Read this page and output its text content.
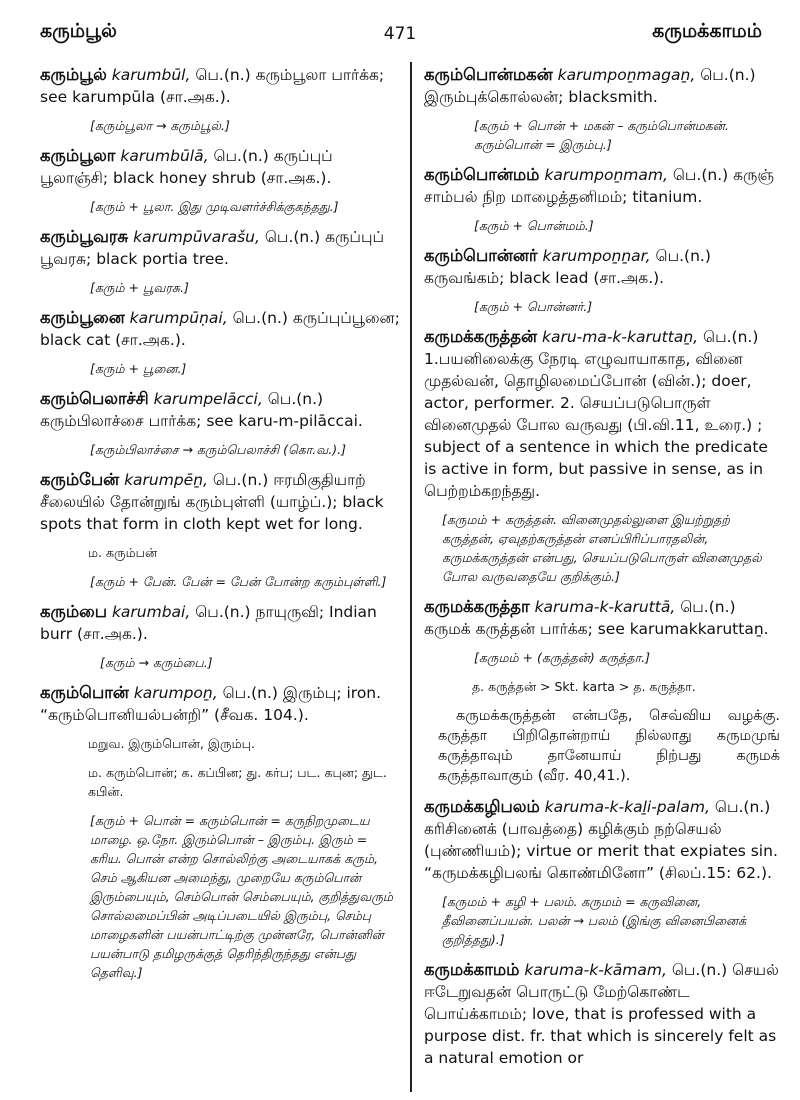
கரும்பூல்	471	கருமக்காமம்
கரும்பூல் karumbūl, பெ.(n.) கரும்பூலா பார்க்க; see karumpūla (சா.அக.).
[கரும்பூலா → கரும்பூல்.]
கரும்பூலா karumbūlā, பெ.(n.) கருப்புப் பூலாஞ்சி; black honey shrub (சா.அக.).
[கரும் + பூலா. இது முடிவளர்ச்சிக்குகந்தது.]
கரும்பூவரசு karumpūvarašu, பெ.(n.) கருப்புப் பூவரசு; black portia tree.
[கரும் + பூவரசு.]
கரும்பூனை karumpūṇai, பெ.(n.) கருப்புப்பூனை; black cat (சா.அக.).
[கரும் + பூனை.]
கரும்பெலாச்சி karumpelācci, பெ.(n.) கரும்பிலாச்சை பார்க்க; see karu-m-pilāccai.
[கரும்பிலாச்சை → கரும்பெலாச்சி (கொ.வ.).]
கரும்பேன் karumpēṉ, பெ.(n.) ஈரமிகுதியாற் சீலையில் தோன்றுங் கரும்புள்ளி (யாழ்ப்.); black spots that form in cloth kept wet for long.
ம. கரும்பன்
[கரும் + பேன். பேன் = பேன் போன்ற கரும்புள்ளி.]
கரும்பை karumbai, பெ.(n.) நாயுருவி; Indian burr (சா.அக.).
[கரும் → கரும்பை.]
கரும்பொன் karumpoṉ, பெ.(n.) இரும்பு; iron. “கரும்பொனியல்பன்றி” (சீவக. 104.).
மறுவ. இரும்பொன், இரும்பு.
ம. கரும்பொன்; க. கப்பின; து. கர்ப; பட. கபுன; துட. கபின்.
[கரும் + பொன் = கரும்பொன் = கருநிறமுடைய மாழை. ஒ.நோ. இரும்பொன் – இரும்பு. இரும் = கரிய. பொன் என்ற சொல்லிற்கு அடையாகக் கரும், செம் ஆகியன அமைந்து, முறையே கரும்பொன் இரும்பையும், செம்பொன் செம்பையும், குறித்துவரும் சொல்லமைப்பின் அடிப்படையில் இரும்பு, செம்பு மாழைகளின் பயன்பாட்டிற்கு முன்னரே, பொன்னின் பயன்பாடு தமிழருக்குத் தெரிந்திருந்தது என்பது தெளிவு.]
கரும்பொன்மகன் karumpoṉmagaṉ, பெ.(n.) இரும்புக்கொல்லன்; blacksmith.
[கரும் + பொன் + மகன் – கரும்பொன்மகன். கரும்பொன் = இரும்பு.]
கரும்பொன்மம் karumpoṉmam, பெ.(n.) கருஞ் சாம்பல் நிற மாழைத்தனிமம்; titanium.
[கரும் + பொன்மம்.]
கரும்பொன்னர் karumpoṉṉar, பெ.(n.) கருவங்கம்; black lead (சா.அக.).
[கரும் + பொன்னர்.]
கருமக்கருத்தன் karu-ma-k-karuttaṉ, பெ.(n.) 1.பயனிலைக்கு நேரடி எழுவாயாகாத, வினை முதல்வன், தொழிலமைப்போன் (வின்.); doer, actor, performer. 2. செயப்படுபொருள் வினைமுதல் போல வருவது (பி.வி.11, உரை.) ; subject of a sentence in which the predicate is active in form, but passive in sense, as in பெற்றம்கறந்தது.
[கருமம் + கருத்தன். வினைமுதல்லுளை இயற்றுதற் கருத்தன், ஏவுதற்கருத்தன் எனப்பிரிப்பாரதலின், கருமக்கருத்தன் என்பது, செயப்படுபொருள் வினைமுதல் போல வருவதையே குறிக்கும்.]
கருமக்கருத்தா karuma-k-karuttā, பெ.(n.) கருமக் கருத்தன் பார்க்க; see karumakkaruttaṉ.
[கருமம் + (கருத்தன்) கருத்தா.]
த. கருத்தன் > Skt. karta > த. கருத்தா.
கருமக்கருத்தன் என்பதே, செவ்விய வழக்கு. கருத்தா பிறிதொன்றாய் நில்லாது கருமமுங் கருத்தாவும் தானேயாய் நிற்பது கருமக் கருத்தாவாகும் (வீர. 40,41.).
கருமக்கழிபலம் karuma-k-kaḻi-palam, பெ.(n.) கரிசினைக் (பாவத்தை) கழிக்கும் நற்செயல் (புண்ணியம்); virtue or merit that expiates sin. “கருமக்கழிபலங் கொண்மினோ” (சிலப்.15: 62.).
[கருமம் + கழி + பலம். கருமம் = கருவினை, தீவினைப்பயன். பலன் → பலம் (இங்கு வினைபினைக் குறித்தது).]
கருமக்காமம் karuma-k-kāmam, பெ.(n.) செயல் ஈடேறுவதன் பொருட்டு மேற்கொண்ட பொய்க்காமம்; love, that is professed with a purpose dist. fr. that which is sincerely felt as a natural emotion or
